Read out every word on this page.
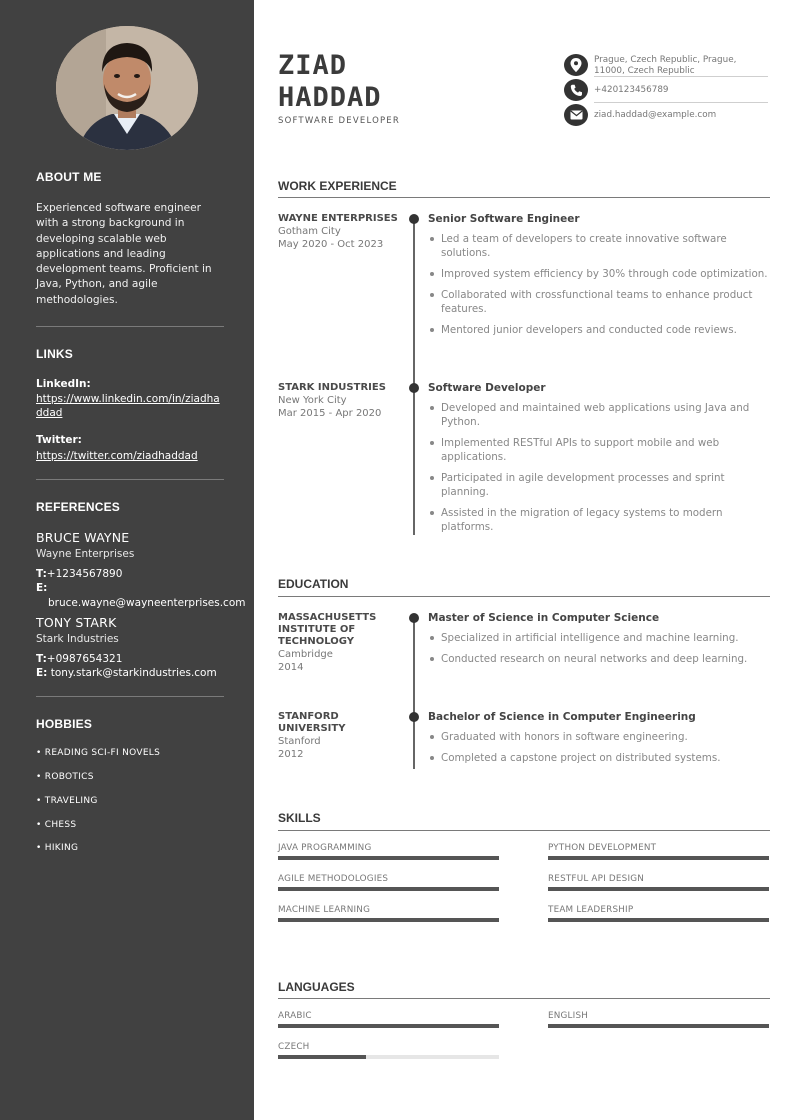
ABOUT ME
Experienced software engineer with a strong background in developing scalable web applications and leading development teams. Proficient in Java, Python, and agile methodologies.
LINKS
LinkedIn:
https://www.linkedin.com/in/ziadhaddad
Twitter:
https://twitter.com/ziadhaddad
REFERENCES
BRUCE WAYNE
Wayne Enterprises
T:+1234567890
E: bruce.wayne@wayneenterprises.com
TONY STARK
Stark Industries
T:+0987654321
E: tony.stark@starkindustries.com
HOBBIES
• READING SCI-FI NOVELS
• ROBOTICS
• TRAVELING
• CHESS
• HIKING
ZIAD
HADDAD
SOFTWARE DEVELOPER
Prague, Czech Republic, Prague, 11000, Czech Republic
+420123456789
ziad.haddad@example.com
WORK EXPERIENCE
WAYNE ENTERPRISES
Gotham City
May 2020 - Oct 2023
Senior Software Engineer
Led a team of developers to create innovative software solutions.
Improved system efficiency by 30% through code optimization.
Collaborated with crossfunctional teams to enhance product features.
Mentored junior developers and conducted code reviews.
STARK INDUSTRIES
New York City
Mar 2015 - Apr 2020
Software Developer
Developed and maintained web applications using Java and Python.
Implemented RESTful APIs to support mobile and web applications.
Participated in agile development processes and sprint planning.
Assisted in the migration of legacy systems to modern platforms.
EDUCATION
MASSACHUSETTS INSTITUTE OF TECHNOLOGY
Cambridge
2014
Master of Science in Computer Science
Specialized in artificial intelligence and machine learning.
Conducted research on neural networks and deep learning.
STANFORD UNIVERSITY
Stanford
2012
Bachelor of Science in Computer Engineering
Graduated with honors in software engineering.
Completed a capstone project on distributed systems.
SKILLS
JAVA PROGRAMMING	PYTHON DEVELOPMENT
AGILE METHODOLOGIES	RESTFUL API DESIGN
MACHINE LEARNING	TEAM LEADERSHIP
LANGUAGES
ARABIC	ENGLISH
CZECH
